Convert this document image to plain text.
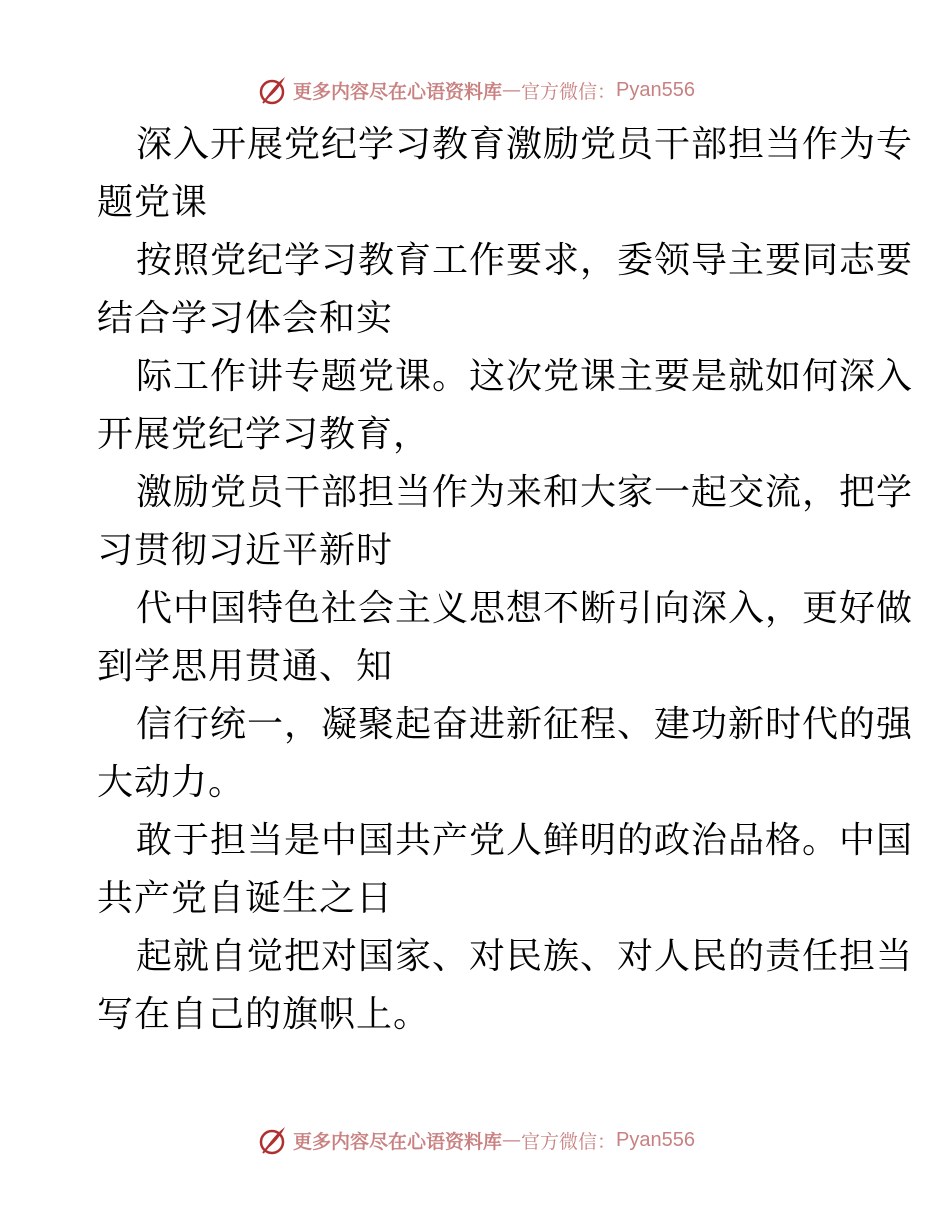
更多内容尽在心语资料库 — 官方微信： Pyan556
深入开展党纪学习教育激励党员干部担当作为专
题党课
按照党纪学习教育工作要求，委领导主要同志要
结合学习体会和实
际工作讲专题党课。这次党课主要是就如何深入
开展党纪学习教育，
激励党员干部担当作为来和大家一起交流，把学
习贯彻习近平新时
代中国特色社会主义思想不断引向深入，更好做
到学思用贯通、知
信行统一，凝聚起奋进新征程、建功新时代的强
大动力。
敢于担当是中国共产党人鲜明的政治品格。中国
共产党自诞生之日
起就自觉把对国家、对民族、对人民的责任担当
写在自己的旗帜上。
更多内容尽在心语资料库 — 官方微信： Pyan556
